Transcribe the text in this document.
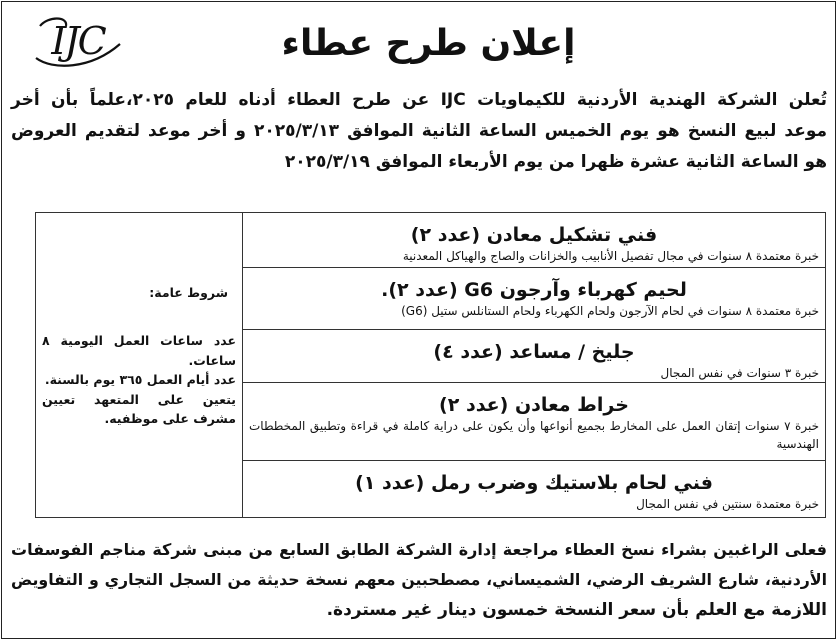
IJC	إعلان طرح عطاء
تُعلن الشركة الهندية الأردنية للكيماويات IJC عن طرح العطاء أدناه للعام ٢٠٢٥،علماً بأن أخر
موعد لبيع النسخ هو يوم الخميس الساعة الثانية الموافق ٢٠٢٥/٣/١٣ و أخر موعد لتقديم العروض
هو الساعة الثانية عشرة ظهرا من يوم الأربعاء الموافق ٢٠٢٥/٣/١٩
فني تشكيل معادن (عدد ٢)
خبرة معتمدة ٨ سنوات في مجال تفصيل الأنابيب والخزانات والصاج والهياكل المعدنية

شروط عامة:
عدد ساعات العمل اليومية ٨ ساعات.
عدد أيام العمل ٣٦٥ يوم بالسنة.
يتعين على المتعهد تعيين مشرف على موظفيه.

لحيم كهرباء وآرجون G6 (عدد ٢).
خبرة معتمدة ٨ سنوات في لحام الآرجون ولحام الكهرباء ولحام الستانلس ستيل (G6)

جليخ / مساعد (عدد ٤)
خبرة ٣ سنوات في نفس المجال

خراط معادن (عدد ٢)
خبرة ٧ سنوات إتقان العمل على المخارط بجميع أنواعها وأن يكون على دراية كاملة في قراءة وتطبيق المخططات الهندسية

فني لحام بلاستيك وضرب رمل (عدد ١)
خبرة معتمدة سنتين في نفس المجال
فعلى الراغبين بشراء نسخ العطاء مراجعة إدارة الشركة الطابق السابع من مبنى شركة مناجم الفوسفات
الأردنية، شارع الشريف الرضي، الشميساني، مصطحبين معهم نسخة حديثة من السجل التجاري و التفاويض
اللازمة مع العلم بأن سعر النسخة خمسون دينار غير مستردة.
